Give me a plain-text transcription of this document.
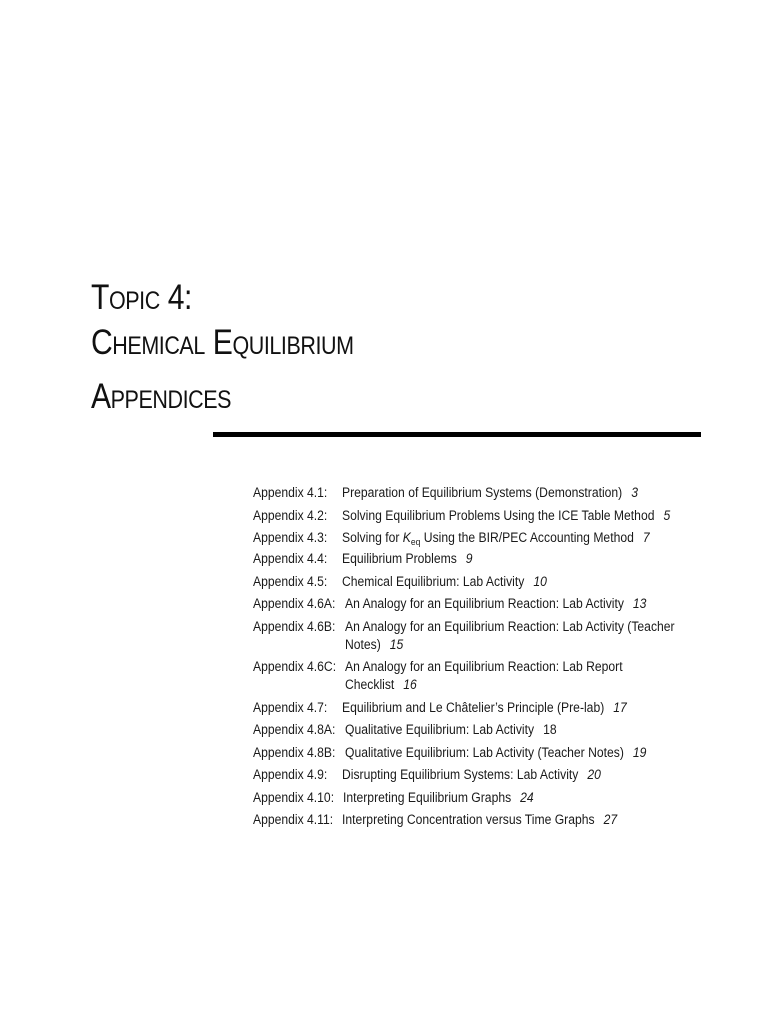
Topic 4:
Chemical Equilibrium
Appendices
Appendix 4.1:	Preparation of Equilibrium Systems (Demonstration) 3
Appendix 4.2:	Solving Equilibrium Problems Using the ICE Table Method 5
Appendix 4.3:	Solving for $K_{eq}$ Using the BIR/PEC Accounting Method 7
Appendix 4.4:	Equilibrium Problems 9
Appendix 4.5:	Chemical Equilibrium: Lab Activity 10
Appendix 4.6A: An Analogy for an Equilibrium Reaction: Lab Activity 13
Appendix 4.6B: An Analogy for an Equilibrium Reaction: Lab Activity (Teacher Notes) 15
Appendix 4.6C: An Analogy for an Equilibrium Reaction: Lab Report Checklist 16
Appendix 4.7:	Equilibrium and Le Châtelier’s Principle (Pre-lab) 17
Appendix 4.8A: Qualitative Equilibrium: Lab Activity 18
Appendix 4.8B: Qualitative Equilibrium: Lab Activity (Teacher Notes) 19
Appendix 4.9:	Disrupting Equilibrium Systems: Lab Activity 20
Appendix 4.10: Interpreting Equilibrium Graphs 24
Appendix 4.11: Interpreting Concentration versus Time Graphs 27
